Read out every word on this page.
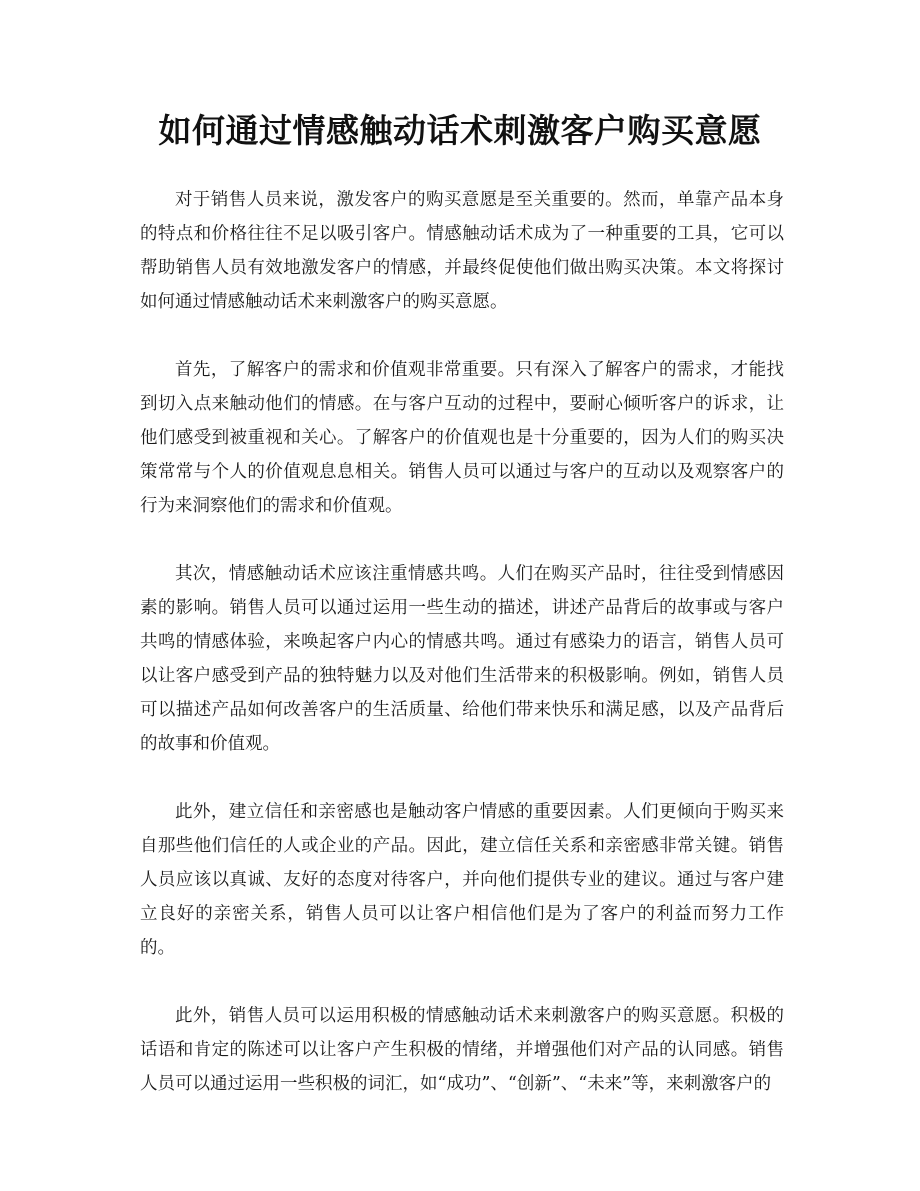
如何通过情感触动话术刺激客户购买意愿

对于销售人员来说，激发客户的购买意愿是至关重要的。然而，单靠产品本身的特点和价格往往不足以吸引客户。情感触动话术成为了一种重要的工具，它可以帮助销售人员有效地激发客户的情感，并最终促使他们做出购买决策。本文将探讨如何通过情感触动话术来刺激客户的购买意愿。

首先，了解客户的需求和价值观非常重要。只有深入了解客户的需求，才能找到切入点来触动他们的情感。在与客户互动的过程中，要耐心倾听客户的诉求，让他们感受到被重视和关心。了解客户的价值观也是十分重要的，因为人们的购买决策常常与个人的价值观息息相关。销售人员可以通过与客户的互动以及观察客户的行为来洞察他们的需求和价值观。

其次，情感触动话术应该注重情感共鸣。人们在购买产品时，往往受到情感因素的影响。销售人员可以通过运用一些生动的描述，讲述产品背后的故事或与客户共鸣的情感体验，来唤起客户内心的情感共鸣。通过有感染力的语言，销售人员可以让客户感受到产品的独特魅力以及对他们生活带来的积极影响。例如，销售人员可以描述产品如何改善客户的生活质量、给他们带来快乐和满足感，以及产品背后的故事和价值观。

此外，建立信任和亲密感也是触动客户情感的重要因素。人们更倾向于购买来自那些他们信任的人或企业的产品。因此，建立信任关系和亲密感非常关键。销售人员应该以真诚、友好的态度对待客户，并向他们提供专业的建议。通过与客户建立良好的亲密关系，销售人员可以让客户相信他们是为了客户的利益而努力工作的。

此外，销售人员可以运用积极的情感触动话术来刺激客户的购买意愿。积极的话语和肯定的陈述可以让客户产生积极的情绪，并增强他们对产品的认同感。销售人员可以通过运用一些积极的词汇，如“成功”、“创新”、“未来”等，来刺激客户的
